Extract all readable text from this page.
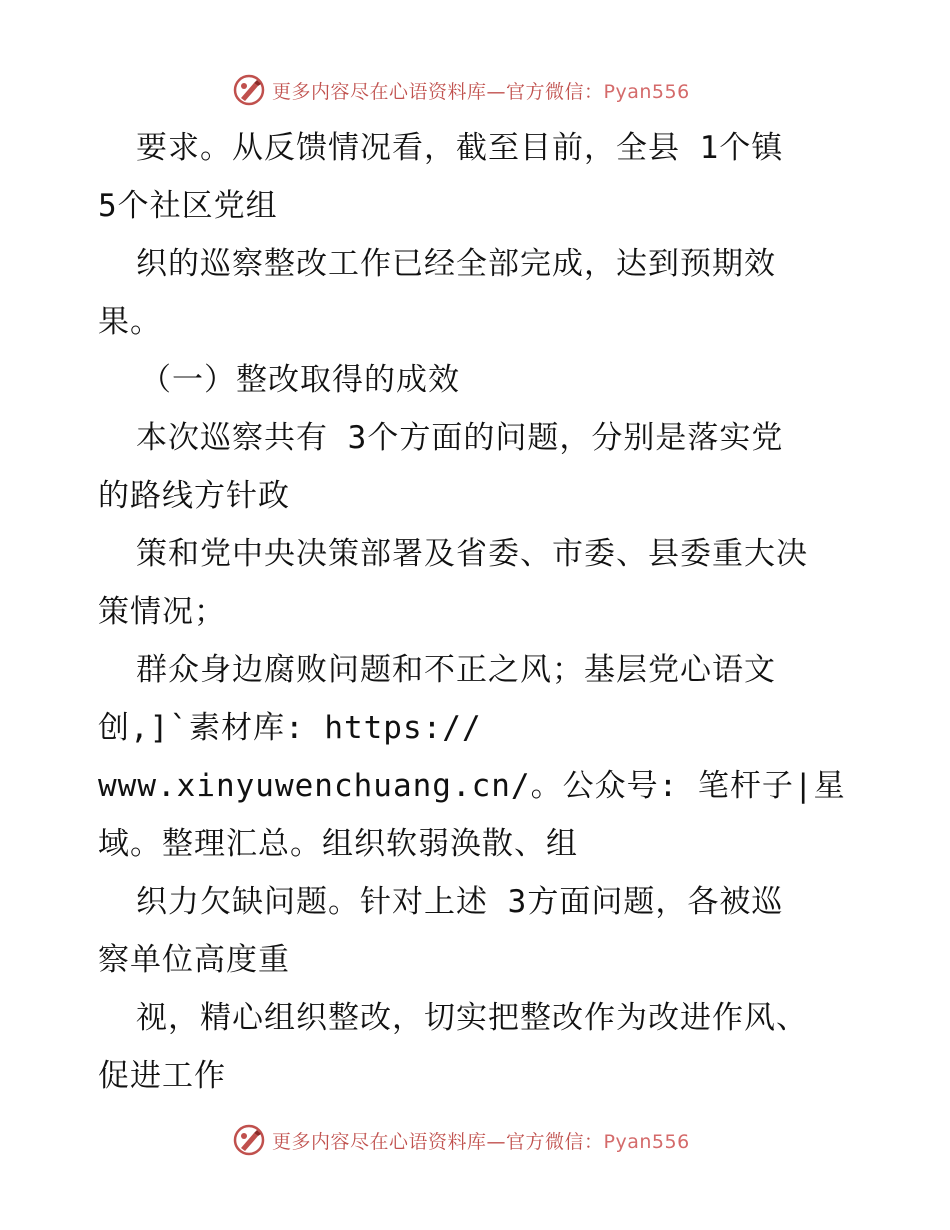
更多内容尽在心语资料库—官方微信：Pyan556
要求。从反馈情况看，截至目前，全县 1个镇
5个社区党组
织的巡察整改工作已经全部完成，达到预期效
果。
（一）整改取得的成效
本次巡察共有 3个方面的问题，分别是落实党
的路线方针政
策和党中央决策部署及省委、市委、县委重大决
策情况；
群众身边腐败问题和不正之风；基层党心语文
创,]`素材库: https://
www.xinyuwenchuang.cn/。公众号: 笔杆子|星
域。整理汇总。组织软弱涣散、组
织力欠缺问题。针对上述 3方面问题，各被巡
察单位高度重
视，精心组织整改，切实把整改作为改进作风、
促进工作
更多内容尽在心语资料库—官方微信：Pyan556
